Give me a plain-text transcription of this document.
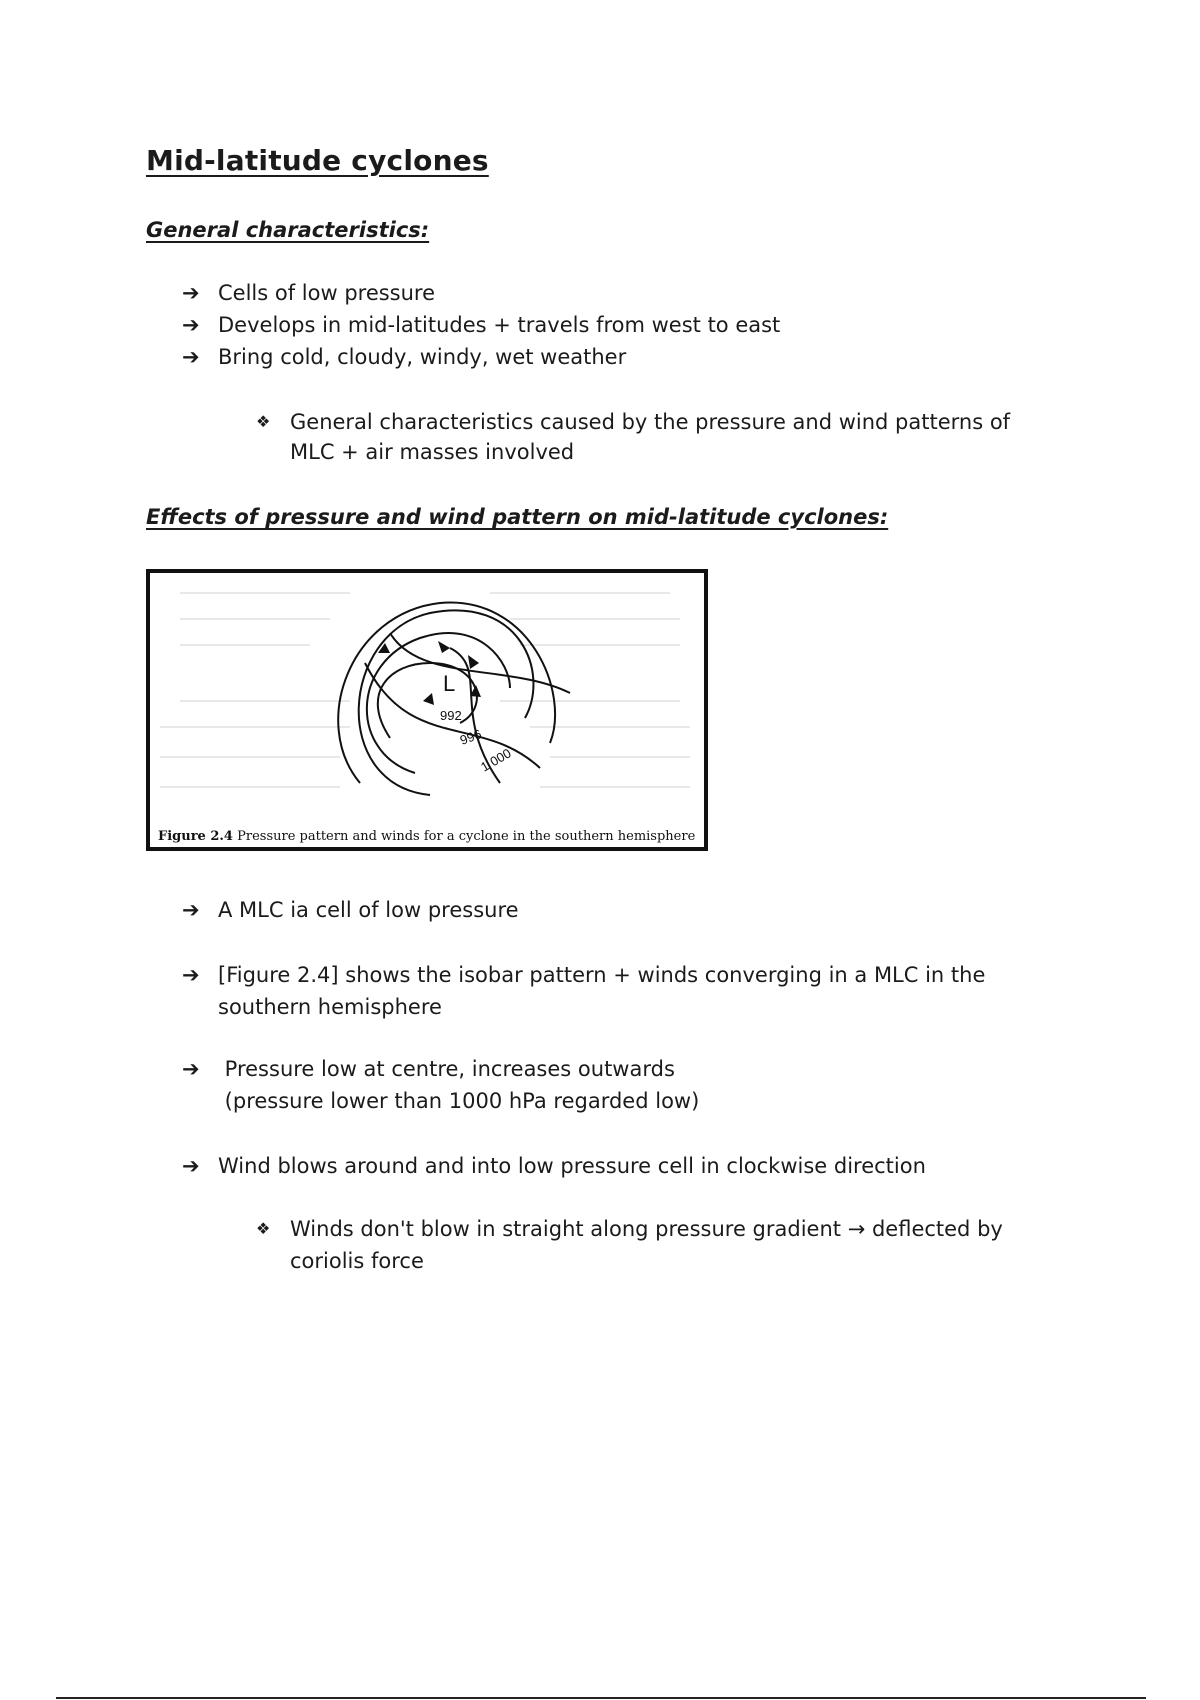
Mid-latitude cyclones
General characteristics:
➔ Cells of low pressure
➔ Develops in mid-latitudes + travels from west to east
➔ Bring cold, cloudy, windy, wet weather
❖ General characteristics caused by the pressure and wind patterns of
MLC + air masses involved
Effects of pressure and wind pattern on mid-latitude cyclones:
L
992
996
1 000
Figure 2.4 Pressure pattern and winds for a cyclone in the southern hemisphere
➔ A MLC ia cell of low pressure
➔ [Figure 2.4] shows the isobar pattern + winds converging in a MLC in the
southern hemisphere
➔ Pressure low at centre, increases outwards
(pressure lower than 1000 hPa regarded low)
➔ Wind blows around and into low pressure cell in clockwise direction
❖ Winds don't blow in straight along pressure gradient → deflected by
coriolis force
